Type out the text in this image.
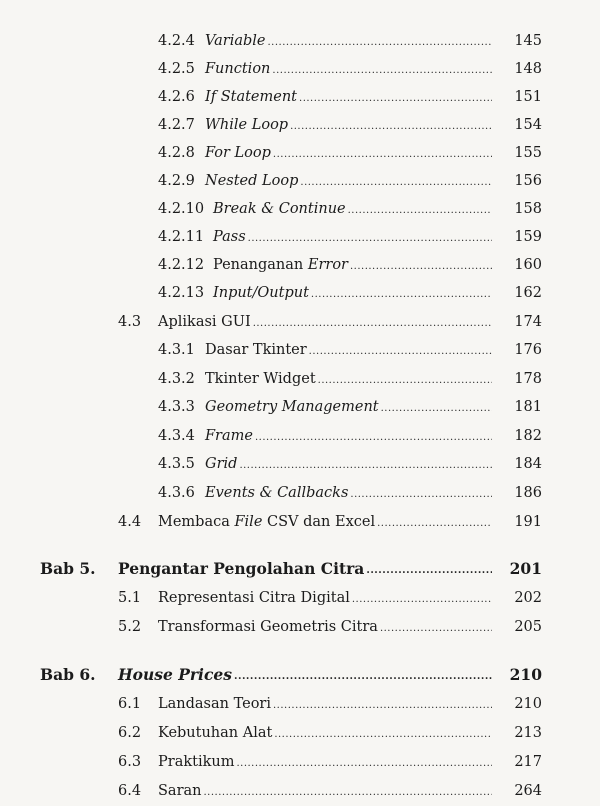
4.2.4 Variable .....	145
4.2.5 Function .....	148
4.2.6 If Statement .....	151
4.2.7 While Loop .....	154
4.2.8 For Loop .....	155
4.2.9 Nested Loop .....	156
4.2.10 Break & Continue .....	158
4.2.11 Pass .....	159
4.2.12 Penanganan Error .....	160
4.2.13 Input/Output .....	162
4.3 Aplikasi GUI .....	174
4.3.1 Dasar Tkinter .....	176
4.3.2 Tkinter Widget .....	178
4.3.3 Geometry Management .....	181
4.3.4 Frame .....	182
4.3.5 Grid .....	184
4.3.6 Events & Callbacks .....	186
4.4 Membaca File CSV dan Excel .....	191
Bab 5. Pengantar Pengolahan Citra .....	201
5.1 Representasi Citra Digital .....	202
5.2 Transformasi Geometris Citra .....	205
Bab 6. House Prices .....	210
6.1 Landasan Teori .....	210
6.2 Kebutuhan Alat .....	213
6.3 Praktikum .....	217
6.4 Saran .....	264
